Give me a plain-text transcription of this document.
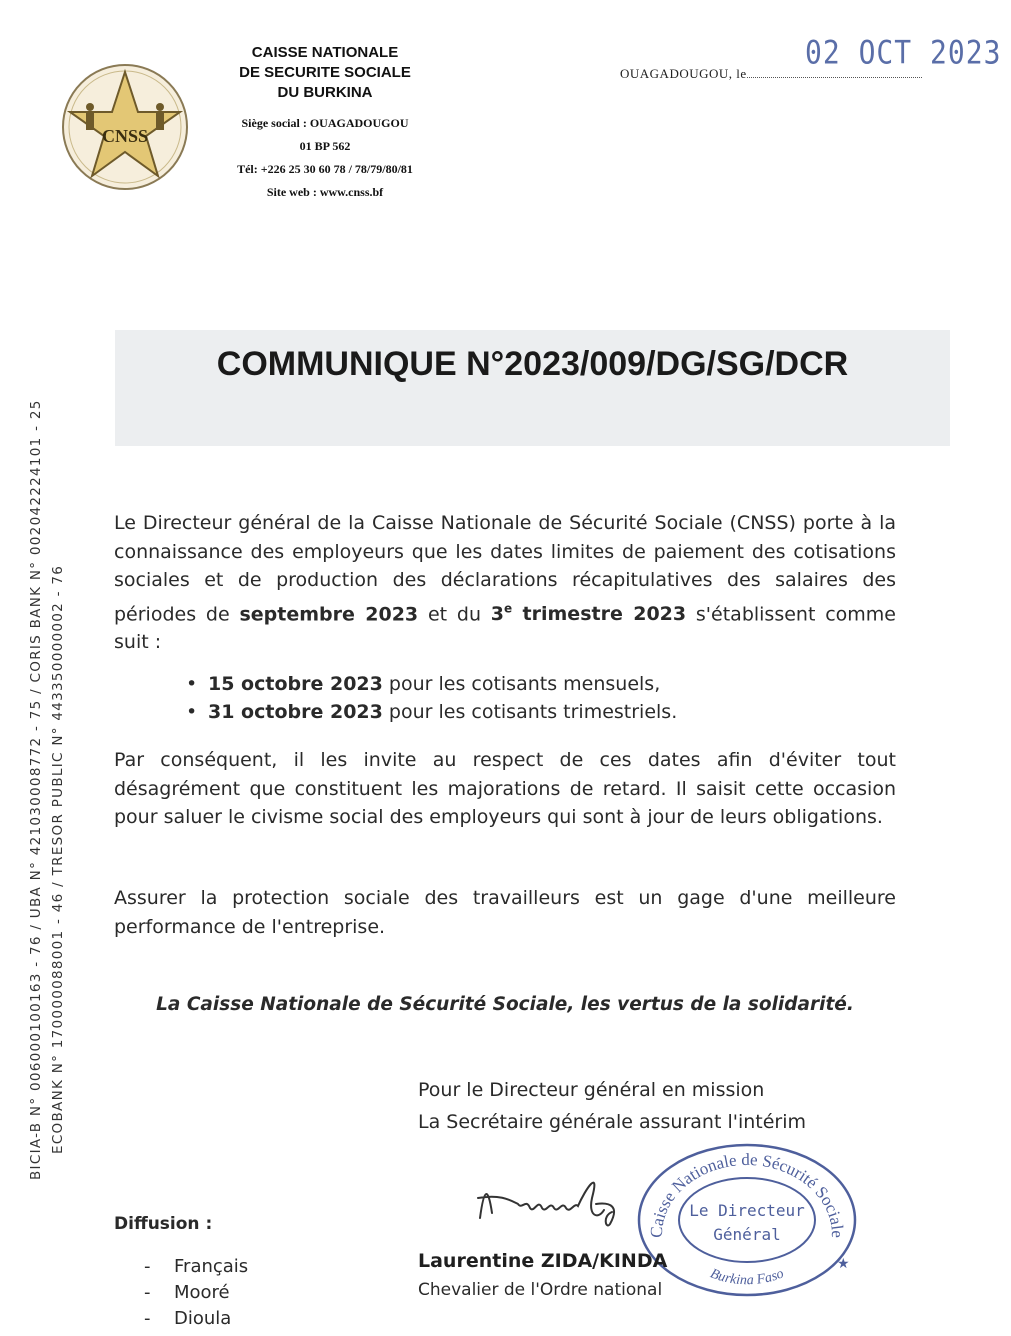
CNSS
CAISSE NATIONALE
DE SECURITE SOCIALE
DU BURKINA
Siège social : OUAGADOUGOU
01 BP 562
Tél: +226 25 30 60 78 / 78/79/80/81
Site web : www.cnss.bf
OUAGADOUGOU, le
02 OCT 2023
COMMUNIQUE N°2023/009/DG/SG/DCR
BICIA-B N° 0060001001​63 - 76 / UBA N° 4210300087​72 - 75 / CORIS BANK N° 002042224101 - 25 ECOBANK N° 170000088001 - 46 / TRESOR PUBLIC N° 443350000002 - 76
Le Directeur général de la Caisse Nationale de Sécurité Sociale (CNSS) porte à la connaissance des employeurs que les dates limites de paiement des cotisations sociales et de production des déclarations récapitulatives des salaires des périodes de septembre 2023 et du 3e trimestre 2023 s'établissent comme suit :
• 15 octobre 2023 pour les cotisants mensuels,
• 31 octobre 2023 pour les cotisants trimestriels.
Par conséquent, il les invite au respect de ces dates afin d'éviter tout désagrément que constituent les majorations de retard. Il saisit cette occasion pour saluer le civisme social des employeurs qui sont à jour de leurs obligations.
Assurer la protection sociale des travailleurs est un gage d'une meilleure performance de l'entreprise.
La Caisse Nationale de Sécurité Sociale, les vertus de la solidarité.
Pour le Directeur général en mission
La Secrétaire générale assurant l'intérim
Caisse Nationale de Sécurité Sociale
Burkina Faso
Le Directeur
Général
★
Laurentine ZIDA/KINDA
Chevalier de l'Ordre national
Diffusion :
- Français
- Mooré
- Dioula
